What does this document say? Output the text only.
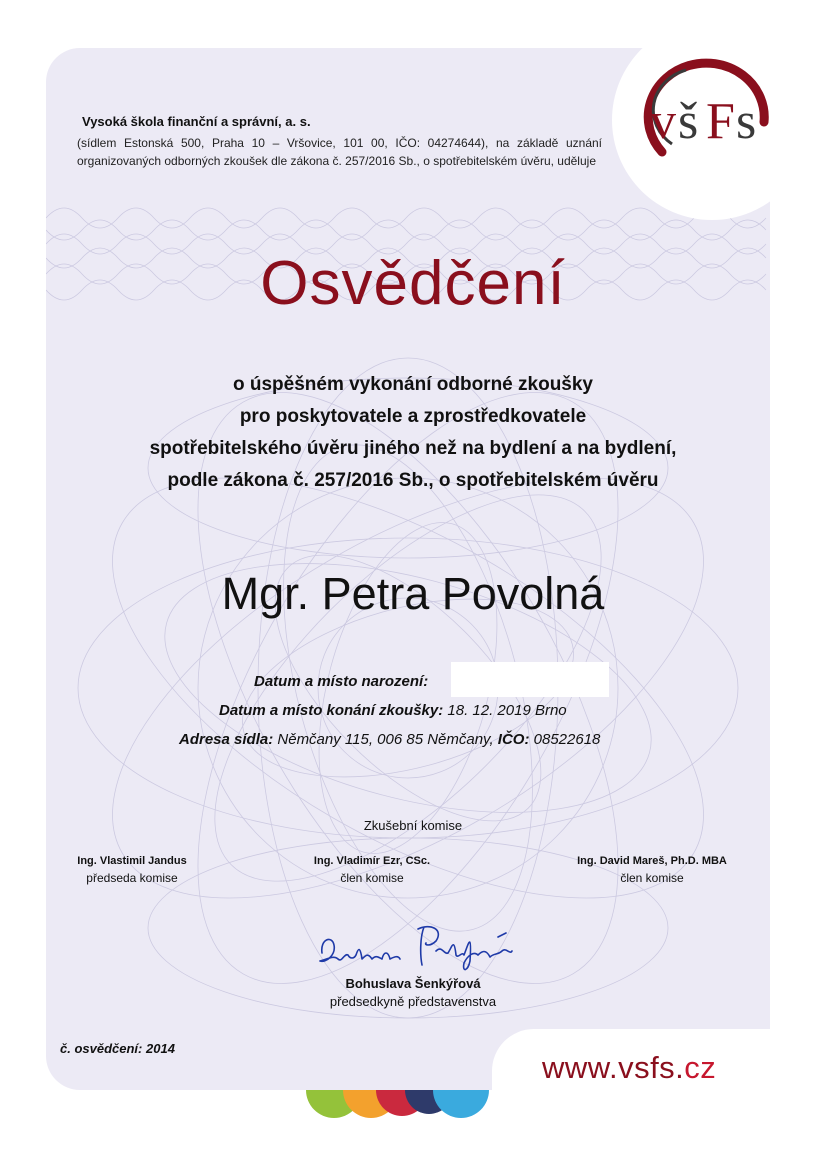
Vysoká škola finanční a správní, a. s.
(sídlem Estonská 500, Praha 10 – Vršovice, 101 00, IČO: 04274644), na základě uznání organizovaných odborných zkoušek dle zákona č. 257/2016 Sb., o spotřebitelském úvěru, uděluje
v š F s
Osvědčení
o úspěšném vykonání odborné zkoušky
pro poskytovatele a zprostředkovatele
spotřebitelského úvěru jiného než na bydlení a na bydlení,
podle zákona č. 257/2016 Sb., o spotřebitelském úvěru
Mgr. Petra Povolná
Datum a místo narození:
Datum a místo konání zkoušky: 18. 12. 2019 Brno
Adresa sídla: Němčany 115, 006 85 Němčany, IČO: 08522618
Zkušební komise
Ing. Vlastimil Jandus
předseda komise
Ing. Vladimír Ezr, CSc.
člen komise
Ing. David Mareš, Ph.D. MBA
člen komise
Bohuslava Šenkýřová
předsedkyně představenstva
č. osvědčení: 2014
www.vsfs.cz
